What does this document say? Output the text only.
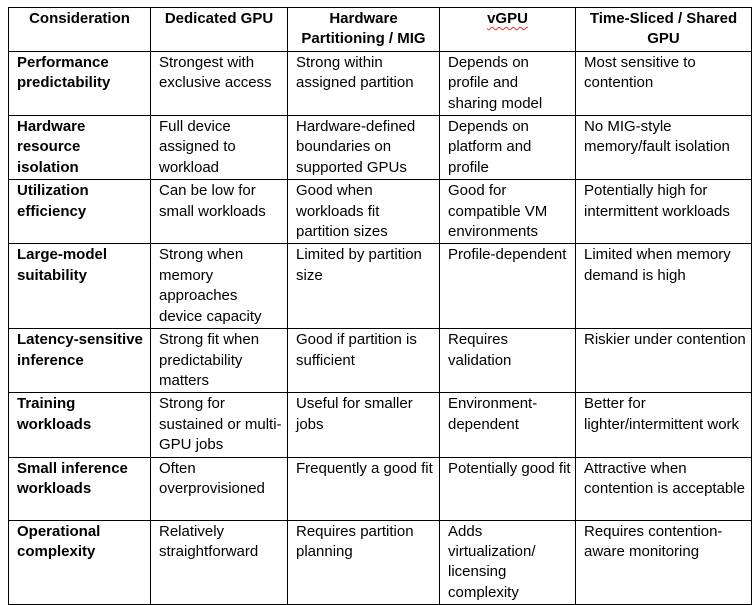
Consideration	Dedicated GPU	Hardware Partitioning / MIG	vGPU	Time-Sliced / Shared GPU
Performance predictability	Strongest with exclusive access	Strong within assigned partition	Depends on profile and sharing model	Most sensitive to contention
Hardware resource isolation	Full device assigned to workload	Hardware-defined boundaries on supported GPUs	Depends on platform and profile	No MIG-style memory/fault isolation
Utilization efficiency	Can be low for small workloads	Good when workloads fit partition sizes	Good for compatible VM environments	Potentially high for intermittent workloads
Large-model suitability	Strong when memory approaches device capacity	Limited by partition size	Profile-dependent	Limited when memory demand is high
Latency-sensitive inference	Strong fit when predictability matters	Good if partition is sufficient	Requires validation	Riskier under contention
Training workloads	Strong for sustained or multi-GPU jobs	Useful for smaller jobs	Environment-dependent	Better for lighter/intermittent work
Small inference workloads	Often overprovisioned	Frequently a good fit	Potentially good fit	Attractive when contention is acceptable
Operational complexity	Relatively straightforward	Requires partition planning	Adds virtualization/ licensing complexity	Requires contention-aware monitoring
